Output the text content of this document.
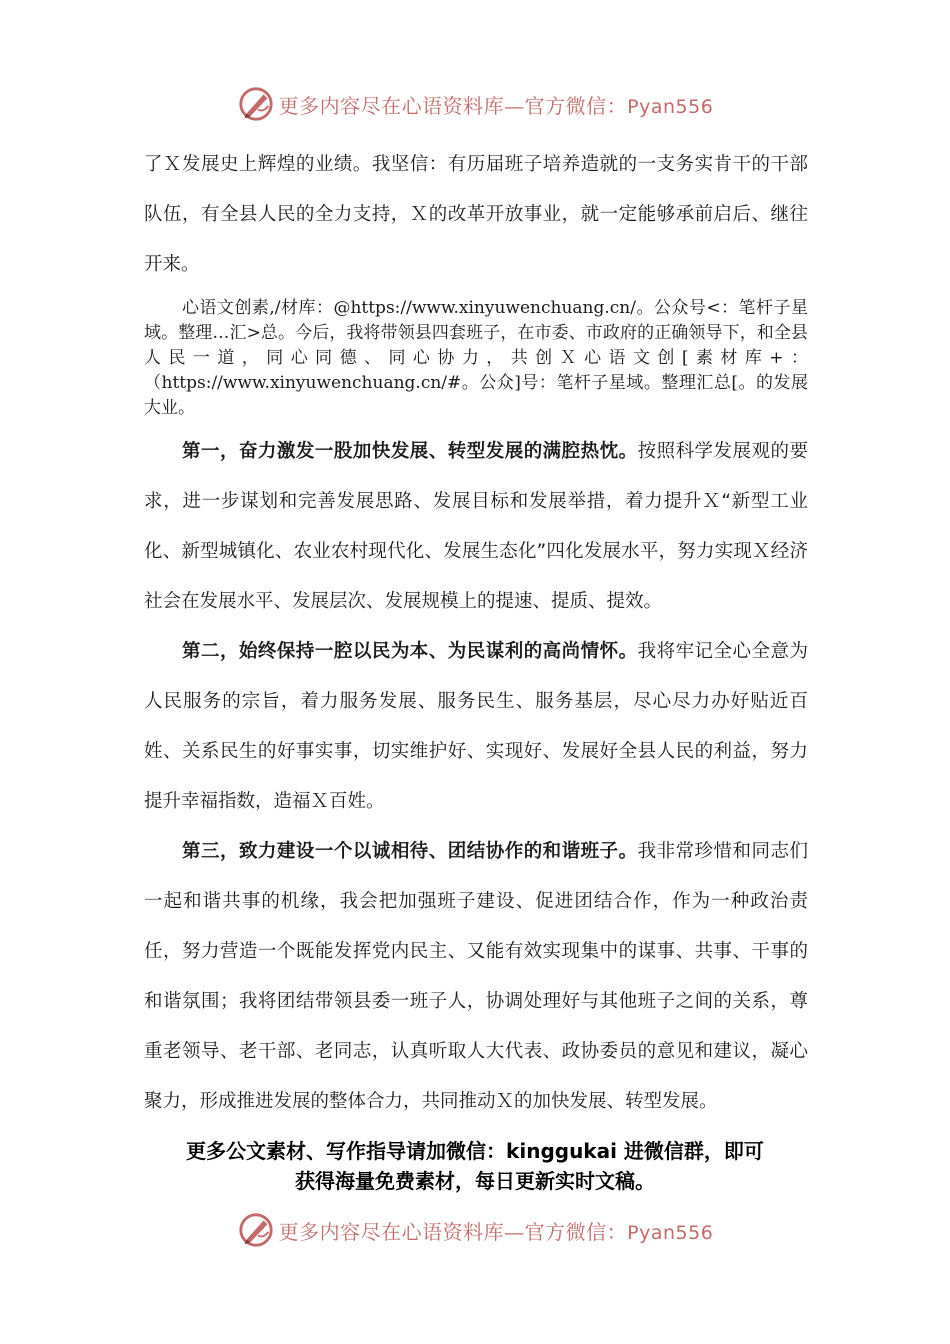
更多内容尽在心语资料库—官方微信：Pyan556

了Ｘ发展史上辉煌的业绩。我坚信：有历届班子培养造就的一支务实肯干的干部队伍，有全县人民的全力支持，Ｘ的改革开放事业，就一定能够承前启后、继往开来。

心语文创素,/材库：@https://www.xinyuwenchuang.cn/。公众号<：笔杆子星域。整理…汇>总。今后，我将带领县四套班子，在市委、市政府的正确领导下，和全县人民一道，同心同德、同心协力，共创Ｘ心语文创[素材库+：（https://www.xinyuwenchuang.cn/#。公众]号：笔杆子星域。整理汇总[。的发展大业。

第一，奋力激发一股加快发展、转型发展的满腔热忱。按照科学发展观的要求，进一步谋划和完善发展思路、发展目标和发展举措，着力提升Ｘ“新型工业化、新型城镇化、农业农村现代化、发展生态化”四化发展水平，努力实现Ｘ经济社会在发展水平、发展层次、发展规模上的提速、提质、提效。

第二，始终保持一腔以民为本、为民谋利的高尚情怀。我将牢记全心全意为人民服务的宗旨，着力服务发展、服务民生、服务基层，尽心尽力办好贴近百姓、关系民生的好事实事，切实维护好、实现好、发展好全县人民的利益，努力提升幸福指数，造福Ｘ百姓。

第三，致力建设一个以诚相待、团结协作的和谐班子。我非常珍惜和同志们一起和谐共事的机缘，我会把加强班子建设、促进团结合作，作为一种政治责任，努力营造一个既能发挥党内民主、又能有效实现集中的谋事、共事、干事的和谐氛围；我将团结带领县委一班子人，协调处理好与其他班子之间的关系，尊重老领导、老干部、老同志，认真听取人大代表、政协委员的意见和建议，凝心聚力，形成推进发展的整体合力，共同推动Ｘ的加快发展、转型发展。

更多公文素材、写作指导请加微信：kinggukai 进微信群，即可
获得海量免费素材，每日更新实时文稿。
更多内容尽在心语资料库—官方微信：Pyan556
